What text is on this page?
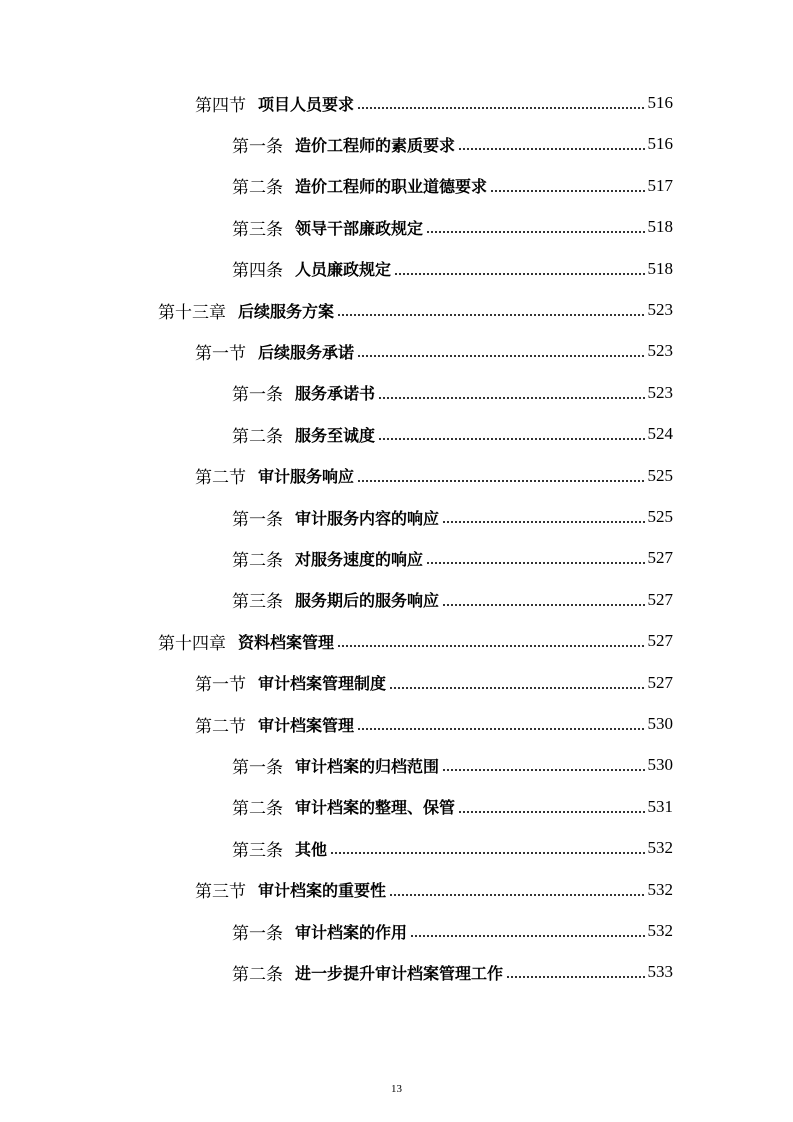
第四节 项目人员要求	516
第一条 造价工程师的素质要求	516
第二条 造价工程师的职业道德要求	517
第三条 领导干部廉政规定	518
第四条 人员廉政规定	518
第十三章 后续服务方案	523
第一节 后续服务承诺	523
第一条 服务承诺书	523
第二条 服务至诚度	524
第二节 审计服务响应	525
第一条 审计服务内容的响应	525
第二条 对服务速度的响应	527
第三条 服务期后的服务响应	527
第十四章 资料档案管理	527
第一节 审计档案管理制度	527
第二节 审计档案管理	530
第一条 审计档案的归档范围	530
第二条 审计档案的整理、保管	531
第三条 其他	532
第三节 审计档案的重要性	532
第一条 审计档案的作用	532
第二条 进一步提升审计档案管理工作	533
13
